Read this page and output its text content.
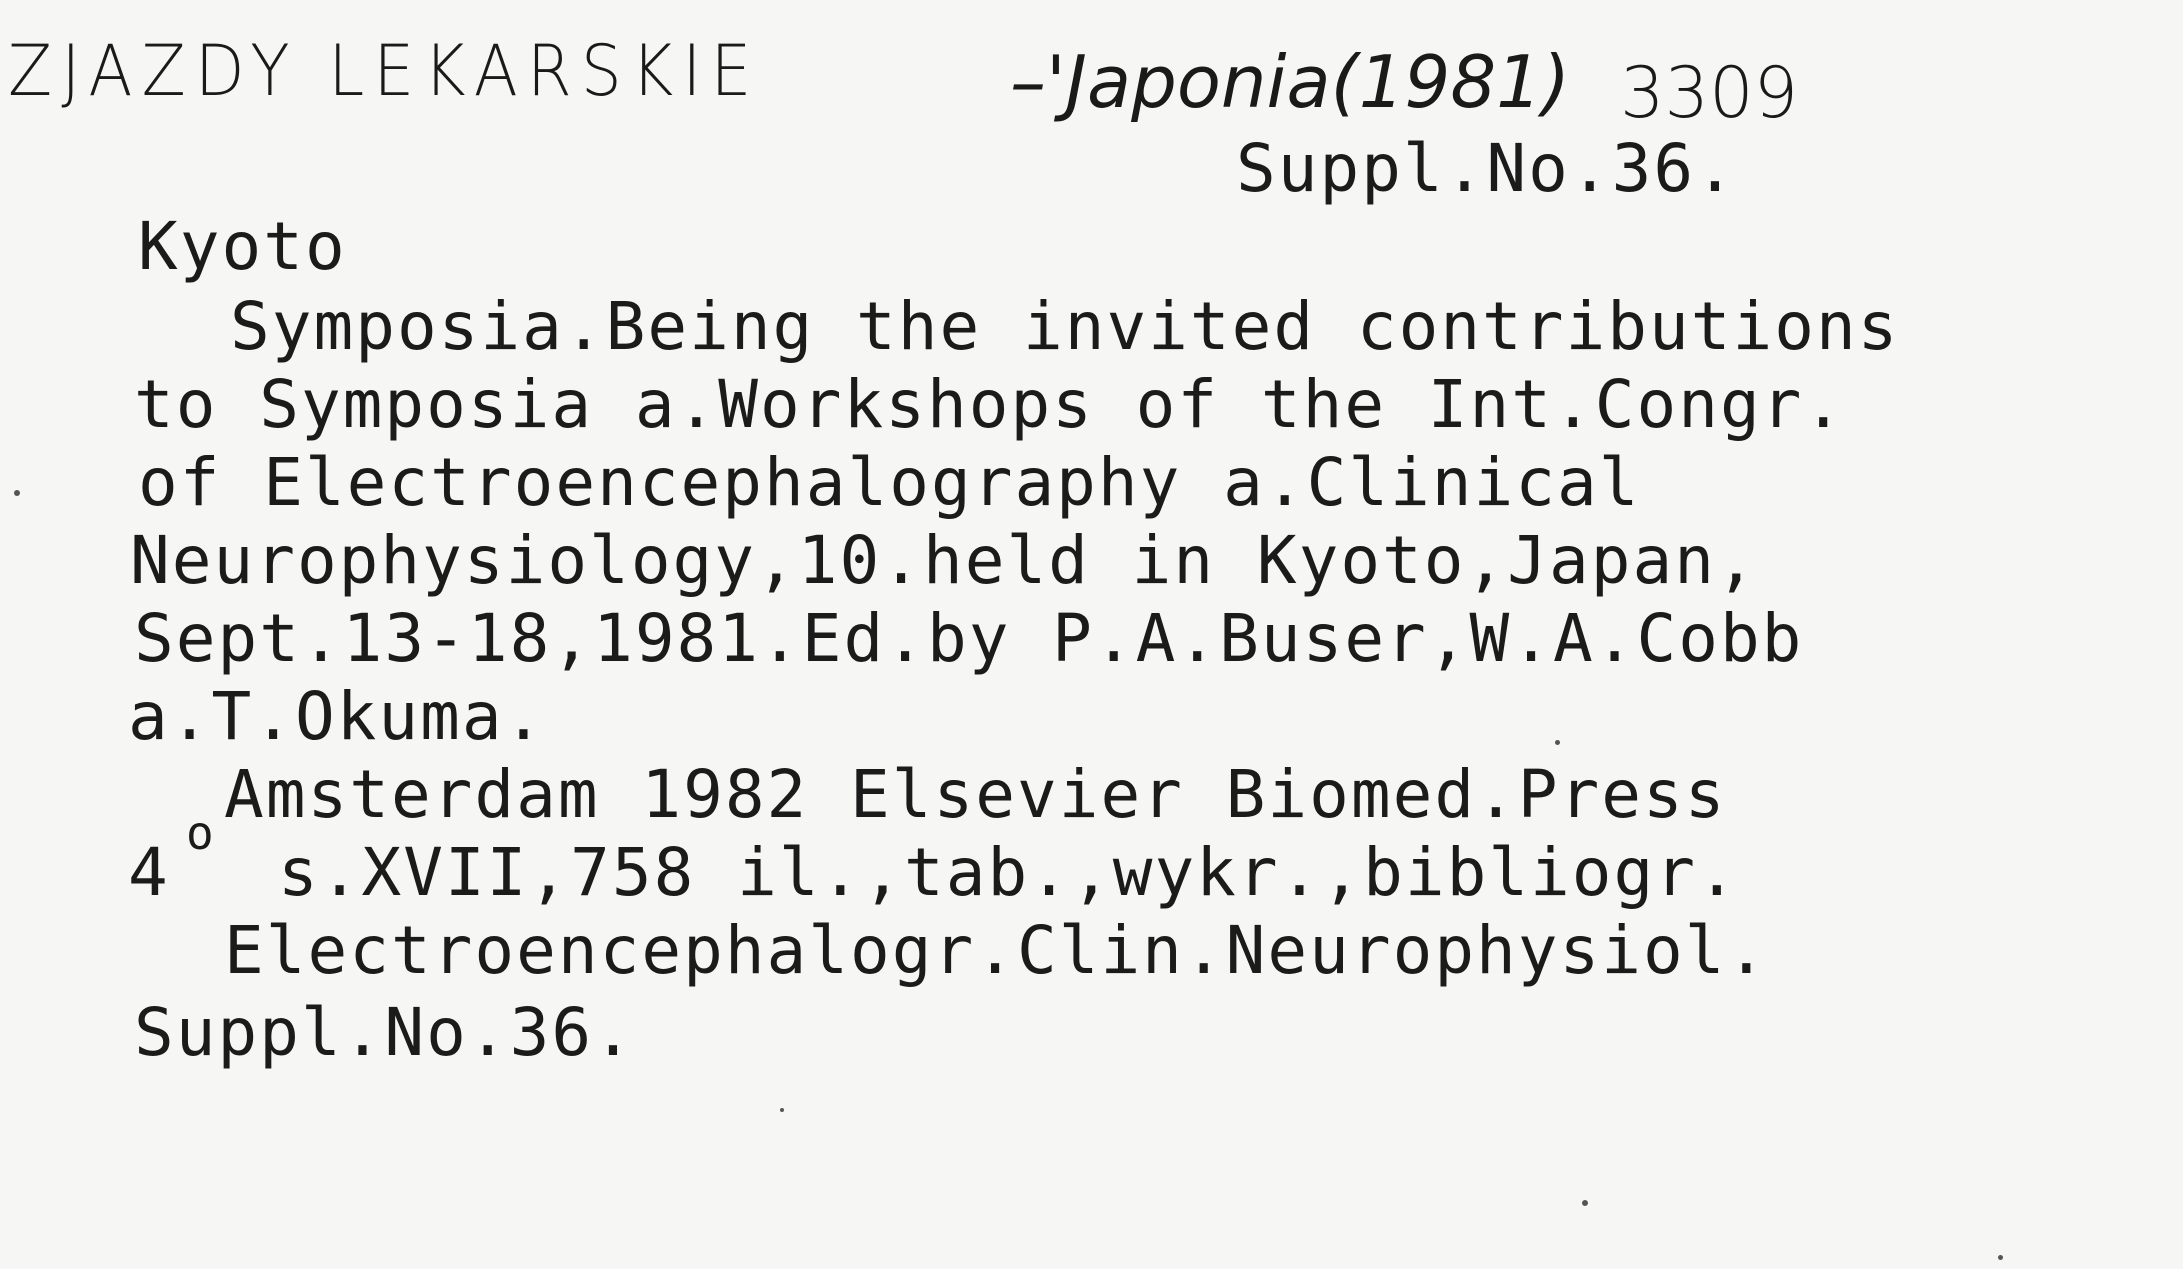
ZJAZDY LEKARSKIE	–'Japonia(1981) 3309
Suppl.No.36.
Kyoto
Symposia.Being the invited contributions
to Symposia a.Workshops of the Int.Congr.
of Electroencephalography a.Clinical
Neurophysiology,10.held in Kyoto,Japan,
Sept.13-18,1981.Ed.by P.A.Buser,W.A.Cobb
a.T.Okuma.
Amsterdam 1982 Elsevier Biomed.Press
4
o
s.XVII,758 il.,tab.,wykr.,bibliogr.
Electroencephalogr.Clin.Neurophysiol.
Suppl.No.36.
